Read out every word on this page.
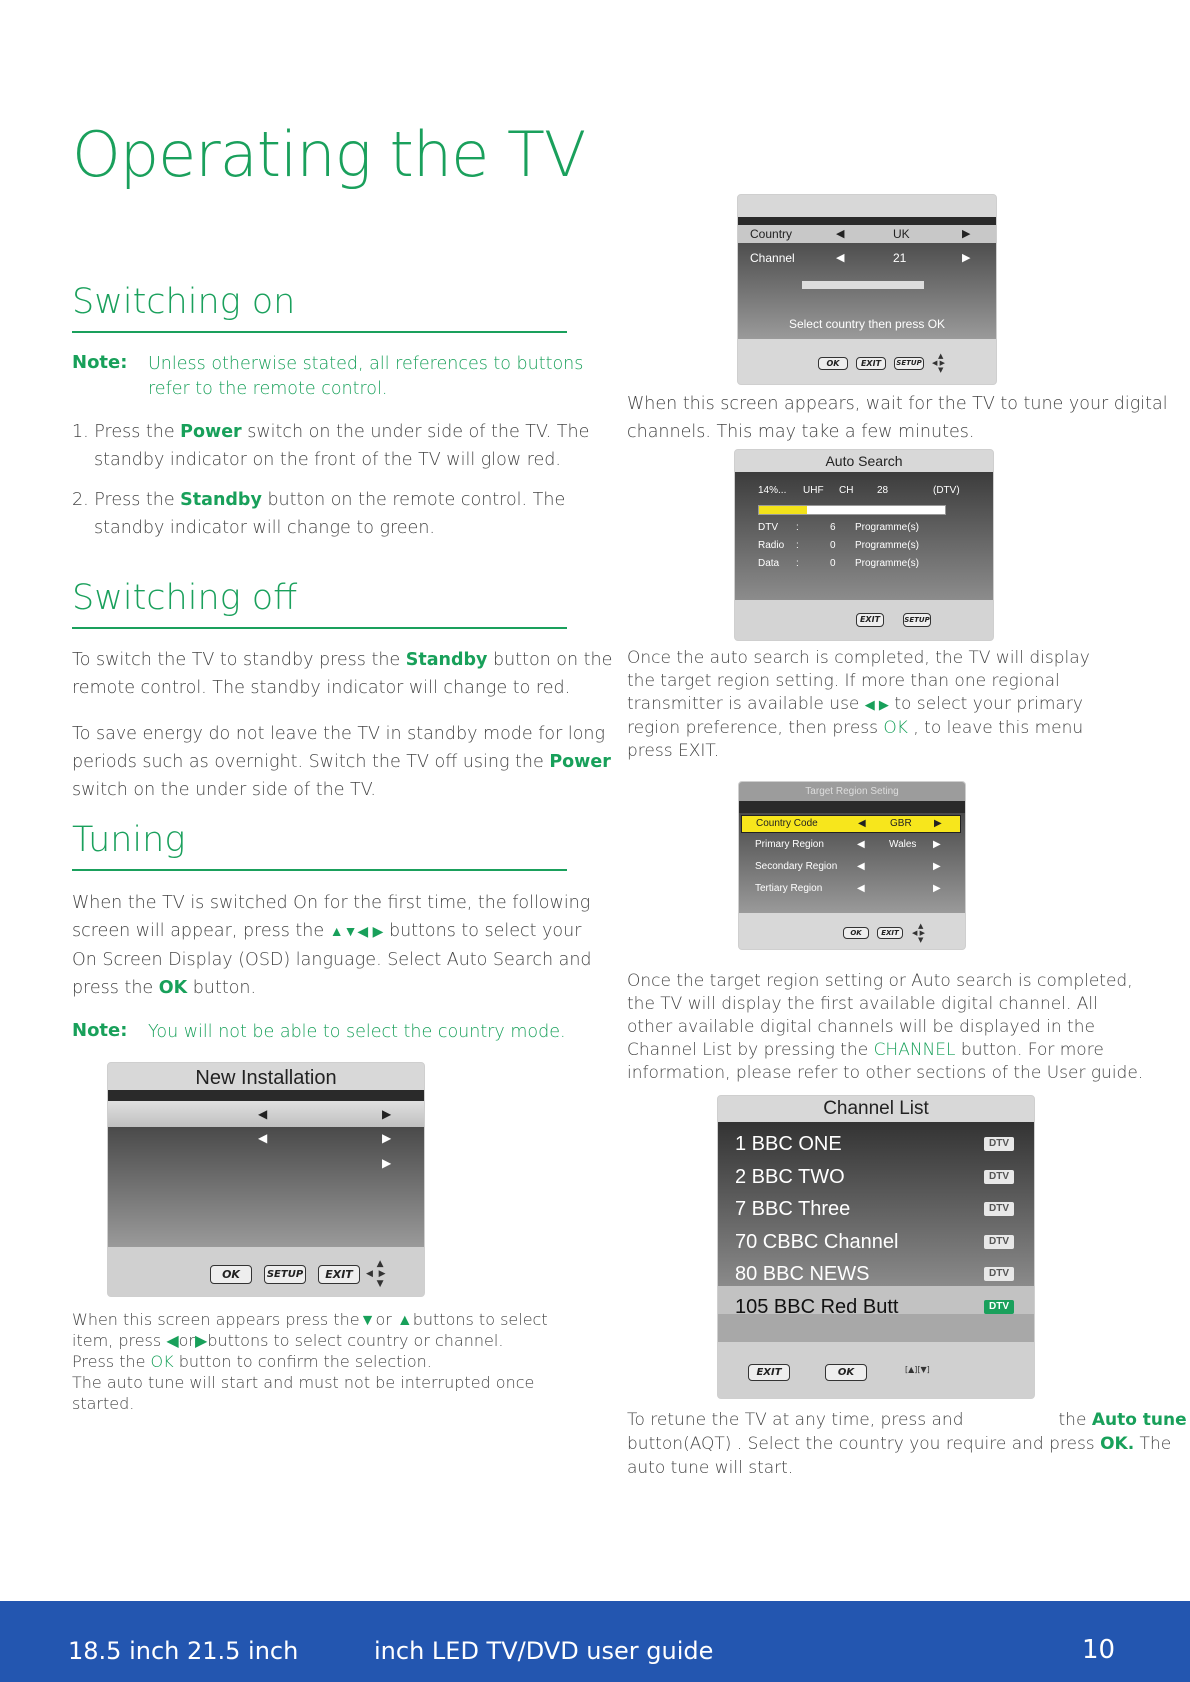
Operating the TV
Switching on
Note: Unless otherwise stated, all references to buttons
refer to the remote control.
1. Press the Power switch on the under side of the TV. The
standby indicator on the front of the TV will glow red.
2. Press the Standby button on the remote control. The
standby indicator will change to green.
Switching off
To switch the TV to standby press the Standby button on the
remote control. The standby indicator will change to red.
To save energy do not leave the TV in standby mode for long
periods such as overnight. Switch the TV off using the Power
switch on the under side of the TV.
Tuning
When the TV is switched On for the first time, the following
screen will appear, press the ▲▼◀ ▶ buttons to select your
On Screen Display (OSD) language. Select Auto Search and
press the OK button.
Note: You will not be able to select the country mode.
New Installation
◀	▶
◀	▶
▶
OK	SETUP	EXIT
▲
◀  ▶
▼
When this screen appears press the▼or ▲buttons to select
item, press ◀or▶buttons to select country or channel.
Press the OK button to confirm the selection.
The auto tune will start and must not be interrupted once
started.
Country	◀	UK	▶
Channel	◀	21	▶
Select country then press OK
OK	EXIT	SETUP
▲
◀ ▶
▼
When this screen appears, wait for the TV to tune your digital
channels. This may take a few minutes.
Auto Search
14%... UHF CH 28	(DTV)
DTV :	6 Programme(s)
Radio :	0 Programme(s)
Data :	0 Programme(s)
EXIT	SETUP
Once the auto search is completed, the TV will display
the target region setting. If more than one regional
transmitter is available use ◀ ▶ to select your primary
region preference, then press OK , to leave this menu
press EXIT.
Target Region Seting
Country Code	◀ GBR ▶
Primary Region	◀ Wales ▶
Secondary Region ◀	▶
Tertiary Region	◀	▶
OK	EXIT
▲
◀ ▶
▼
Once the target region setting or Auto search is completed,
the TV will display the first available digital channel. All
other available digital channels will be displayed in the
Channel List by pressing the CHANNEL button. For more
information, please refer to other sections of the User guide.
Channel List
1 BBC ONE	DTV
2 BBC TWO	DTV
7 BBC Three	DTV
70 CBBC Channel	DTV
80 BBC NEWS	DTV
105 BBC Red Butt	DTV
EXIT	OK	[▲][▼]
To retune the TV at any time, press and	the Auto tune
button(AQT) . Select the country you require and press OK. The
auto tune will start.
18.5 inch 21.5 inch	inch LED TV/DVD user guide	10
